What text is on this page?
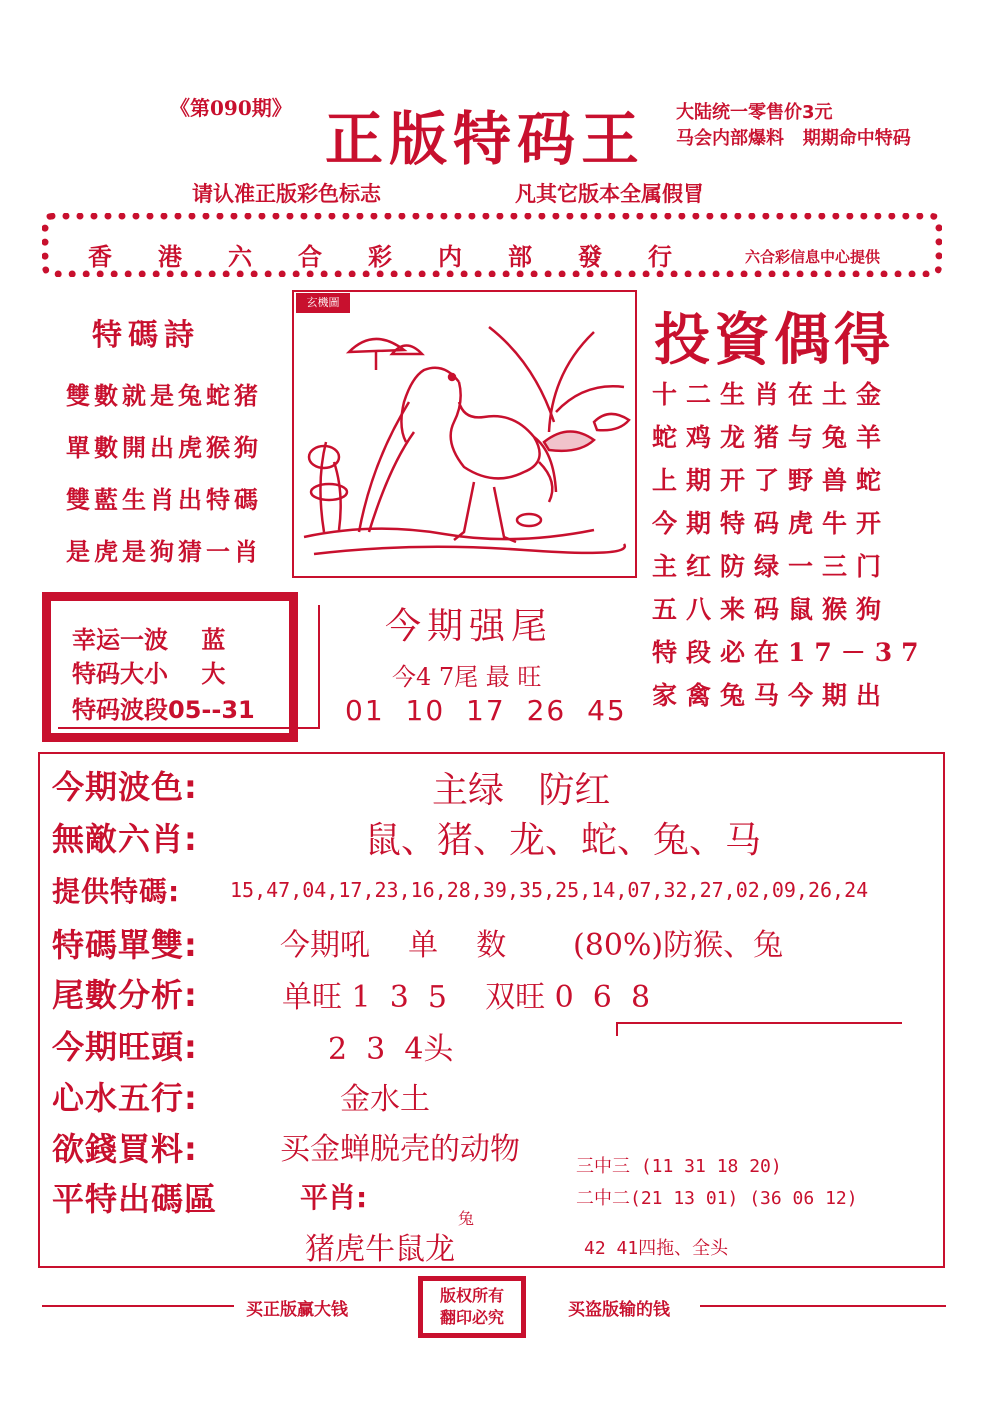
《第090期》 正版特码王 大陆统一零售价3元
马会内部爆料   期期命中特码
请认准正版彩色标志	凡其它版本全属假冒
香港六合彩内部發行 六合彩信息中心提供
特碼詩
雙數就是兔蛇猪
單數開出虎猴狗
雙藍生肖出特碼
是虎是狗猜一肖
玄機圖
投資偶得
十二生肖在土金
蛇鸡龙猪与兔羊
上期开了野兽蛇
今期特码虎牛开
主红防绿一三门
五八来码鼠猴狗
特段必在17－37
家禽兔马今期出
幸运一波    蓝
特码大小    大
特码波段05--31
今期强尾
今4 7尾 最 旺
01 10 17 26 45
今期波色:	主绿   防红
無敵六肖:	鼠、猪、龙、蛇、兔、马
提供特碼: 15,47,04,17,23,16,28,39,35,25,14,07,32,27,02,09,26,24
特碼單雙:	今期吼    单    数       (80%)防猴、兔
尾數分析:	单旺 1  3  5    双旺 0  6  8
今期旺頭:	2  3  4头
心水五行:	金水土
欲錢買料:	买金蝉脱壳的动物
平特出碼區	平肖:
兔
猪虎牛鼠龙
三中三 (11 31 18 20)
二中二(21 13 01) (36 06 12)
42 41四拖、全头
买正版赢大钱
版权所有
翻印必究	买盗版输的钱
